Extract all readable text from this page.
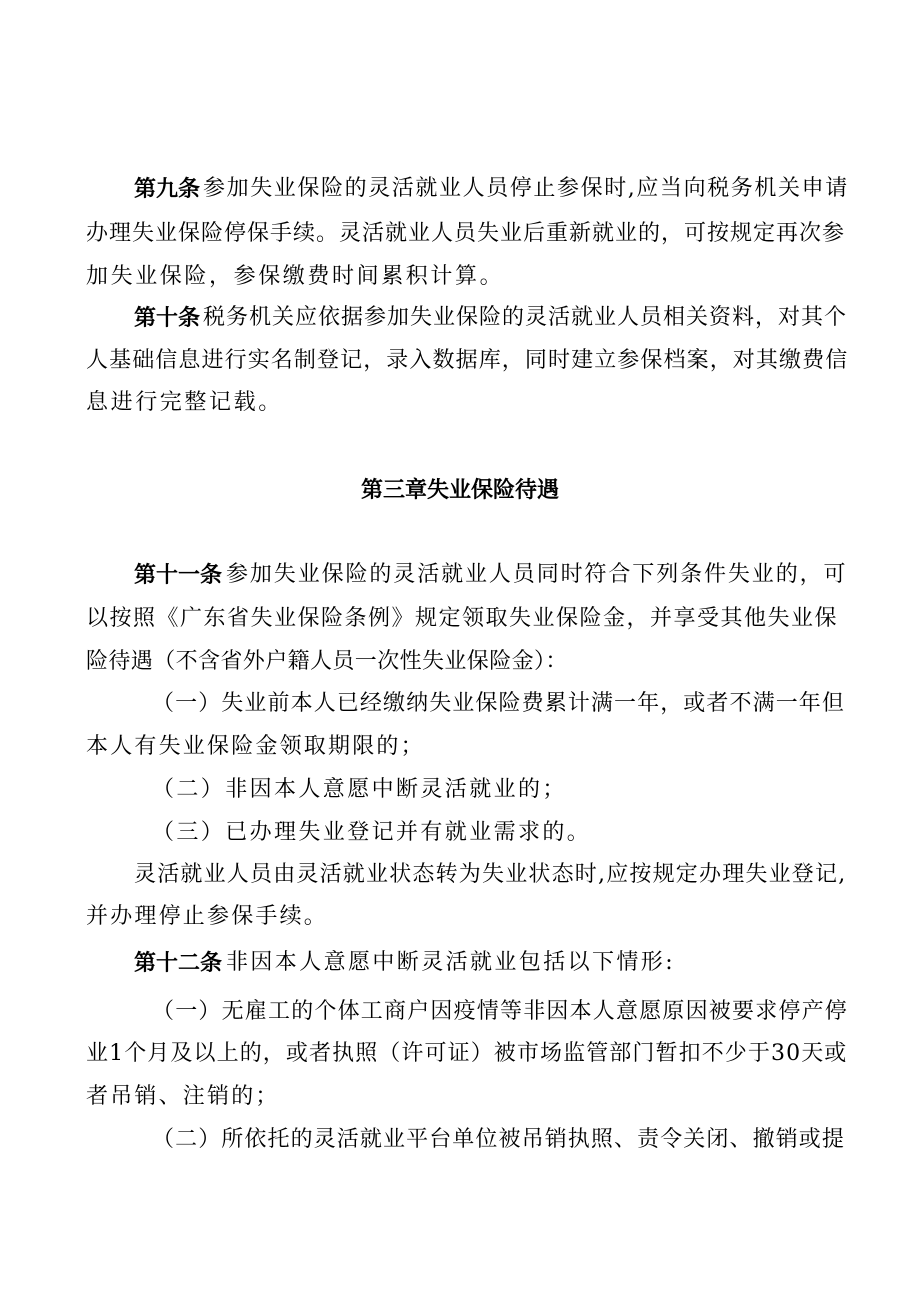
第九条 参加失业保险的灵活就业人员停止参保时,应当向税务机关申请
办理失业保险停保手续。灵活就业人员失业后重新就业的，可按规定再次参
加失业保险，参保缴费时间累积计算。
第十条 税务机关应依据参加失业保险的灵活就业人员相关资料，对其个
人基础信息进行实名制登记，录入数据库，同时建立参保档案，对其缴费信
息进行完整记载。
第三章失业保险待遇
第十一条 参加失业保险的灵活就业人员同时符合下列条件失业的，可
以按照《广东省失业保险条例》规定领取失业保险金，并享受其他失业保
险待遇（不含省外户籍人员一次性失业保险金）：
（一）失业前本人已经缴纳失业保险费累计满一年，或者不满一年但
本人有失业保险金领取期限的；
（二）非因本人意愿中断灵活就业的；
（三）已办理失业登记并有就业需求的。
灵活就业人员由灵活就业状态转为失业状态时,应按规定办理失业登记,
并办理停止参保手续。
第十二条 非因本人意愿中断灵活就业包括以下情形:
（一）无雇工的个体工商户因疫情等非因本人意愿原因被要求停产停
业1个月及以上的，或者执照（许可证）被市场监管部门暂扣不少于30天或
者吊销、注销的；
（二）所依托的灵活就业平台单位被吊销执照、责令关闭、撤销或提
